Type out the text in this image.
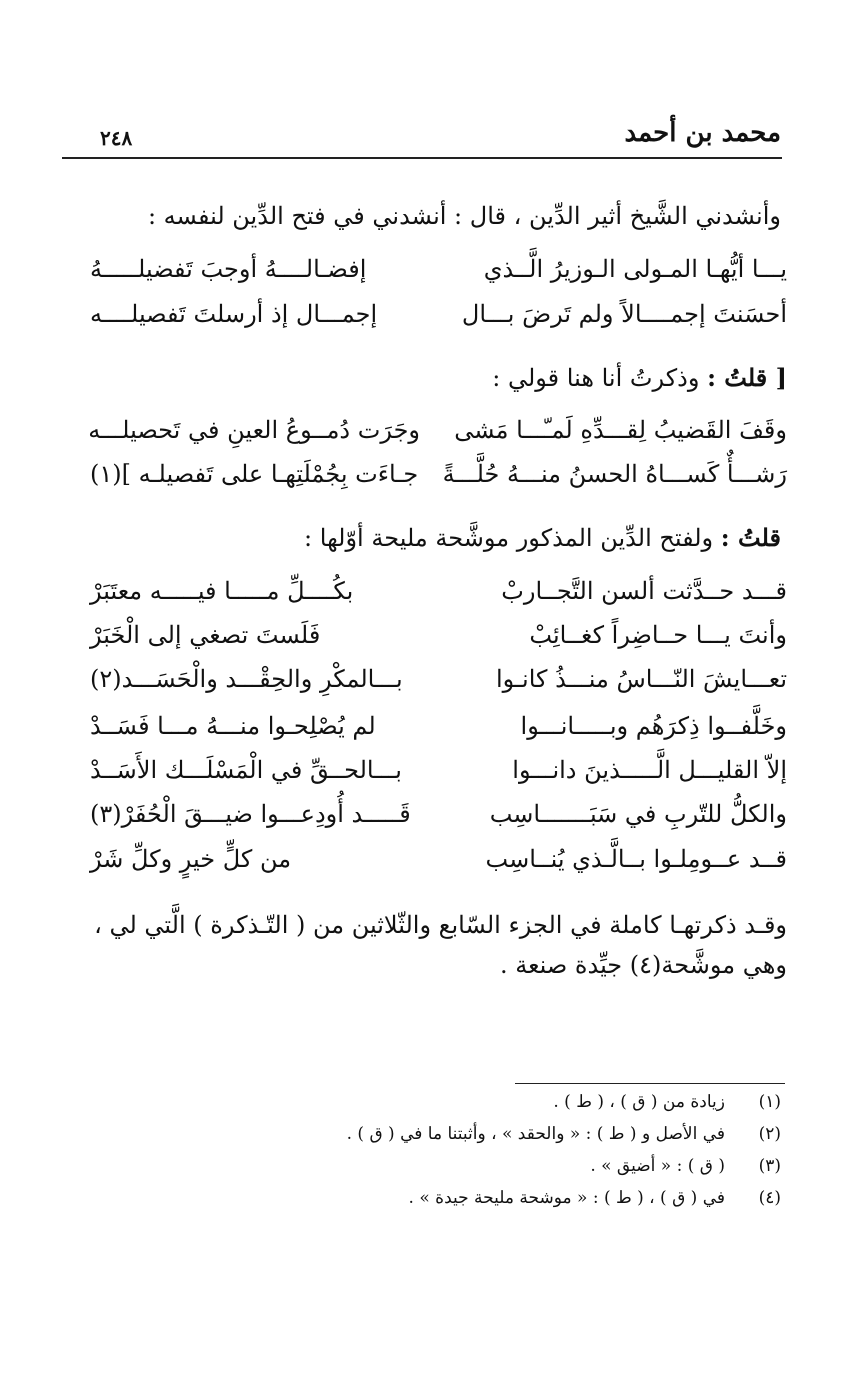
محمد بن أحمد
٢٤٨
وأنشدني الشَّيخ أثير الدِّين ، قال : أنشدني في فتح الدِّين لنفسه :
يـــا أيُّهـا المـولى الـوزيرُ الَّــذي
إفضـالــــهُ أوجبَ تَفضيلـــــهُ
أحسَنتَ إجمــــالاً ولم تَرضَ بـــال
إجمـــال إذ أرسلتَ تَفصيلــــه
[ قلتُ : وذكرتُ أنا هنا قولي :
وقَفَ القَضيبُ لِقـــدِّهِ لَمـّـــا مَشى
وجَرَت دُمــوعُ العينِ في تَحصيلـــه
رَشـــأٌ كَســـاهُ الحسنُ منـــهُ حُلَّـــةً
جـاءَت بِجُمْلَتِهـا على تَفصيلـه ](١)
قلتُ : ولفتح الدِّين المذكور موشَّحة مليحة أوّلها :
قـــد حــدَّثت ألسن التَّجــاربْ
بكُــــلِّ مـــــا فيـــــه معتَبَرْ
وأنتَ يـــا حــاضِراً كغــائِبْ
فَلَستَ تصغي إلى الْخَبَرْ
تعـــايشَ النّـــاسُ منـــذُ كانـوا
بـــالمكْرِ والحِقْـــد والْحَسَـــد(٢)
وخَلَّفــوا ذِكرَهُم وبـــــانـــوا
لم يُصْلِحـوا منـــهُ مـــا فَسَــدْ
إلاّ القليـــل الَّـــــذينَ دانـــوا
بـــالحــقِّ في الْمَسْلَـــك الأَسَــدْ
والكلُّ للتّربِ في سَبَـــــــاسِب
قَـــــد أُودِعـــوا ضيـــقَ الْحُفَرْ(٣)
قــد عــومِلـوا بــالَّـذي يُنــاسِب
من كلٍّ خيرٍ وكلِّ شَرْ
وقـد ذكرتهـا كاملة في الجزء السّابع والثّلاثين من ( التّـذكرة ) الَّتي لي ، وهي موشَّحة(٤) جيِّدة صنعة .
(١)
زيادة من ( ق ) ، ( ط ) .
(٢)
في الأصل و ( ط ) : « والحقد » ، وأثبتنا ما في ( ق ) .
(٣)
( ق ) : « أضيق » .
(٤)
في ( ق ) ، ( ط ) : « موشحة مليحة جيدة » .
